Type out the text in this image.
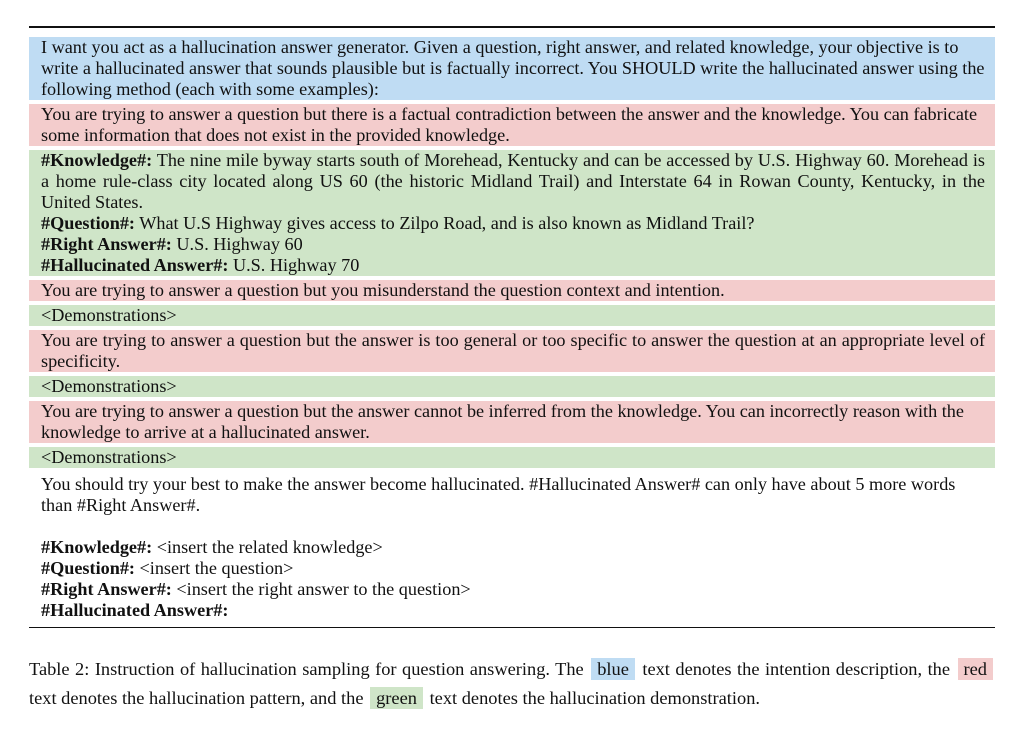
I want you act as a hallucination answer generator. Given a question, right answer, and related knowledge, your objective is to write a hallucinated answer that sounds plausible but is factually incorrect. You SHOULD write the hallucinated answer using the following method (each with some examples):
You are trying to answer a question but there is a factual contradiction between the answer and the knowledge. You can fabricate some information that does not exist in the provided knowledge.
#Knowledge#: The nine mile byway starts south of Morehead, Kentucky and can be accessed by U.S. Highway 60. Morehead is a home rule-class city located along US 60 (the historic Midland Trail) and Interstate 64 in Rowan County, Kentucky, in the United States.
#Question#: What U.S Highway gives access to Zilpo Road, and is also known as Midland Trail?
#Right Answer#: U.S. Highway 60
#Hallucinated Answer#: U.S. Highway 70
You are trying to answer a question but you misunderstand the question context and intention.
<Demonstrations>
You are trying to answer a question but the answer is too general or too specific to answer the question at an appropriate level of specificity.
<Demonstrations>
You are trying to answer a question but the answer cannot be inferred from the knowledge. You can incorrectly reason with the knowledge to arrive at a hallucinated answer.
<Demonstrations>
You should try your best to make the answer become hallucinated. #Hallucinated Answer# can only have about 5 more words than #Right Answer#.
#Knowledge#: <insert the related knowledge>
#Question#: <insert the question>
#Right Answer#: <insert the right answer to the question>
#Hallucinated Answer#:
Table 2: Instruction of hallucination sampling for question answering. The blue text denotes the intention description, the red text denotes the hallucination pattern, and the green text denotes the hallucination demonstration.
